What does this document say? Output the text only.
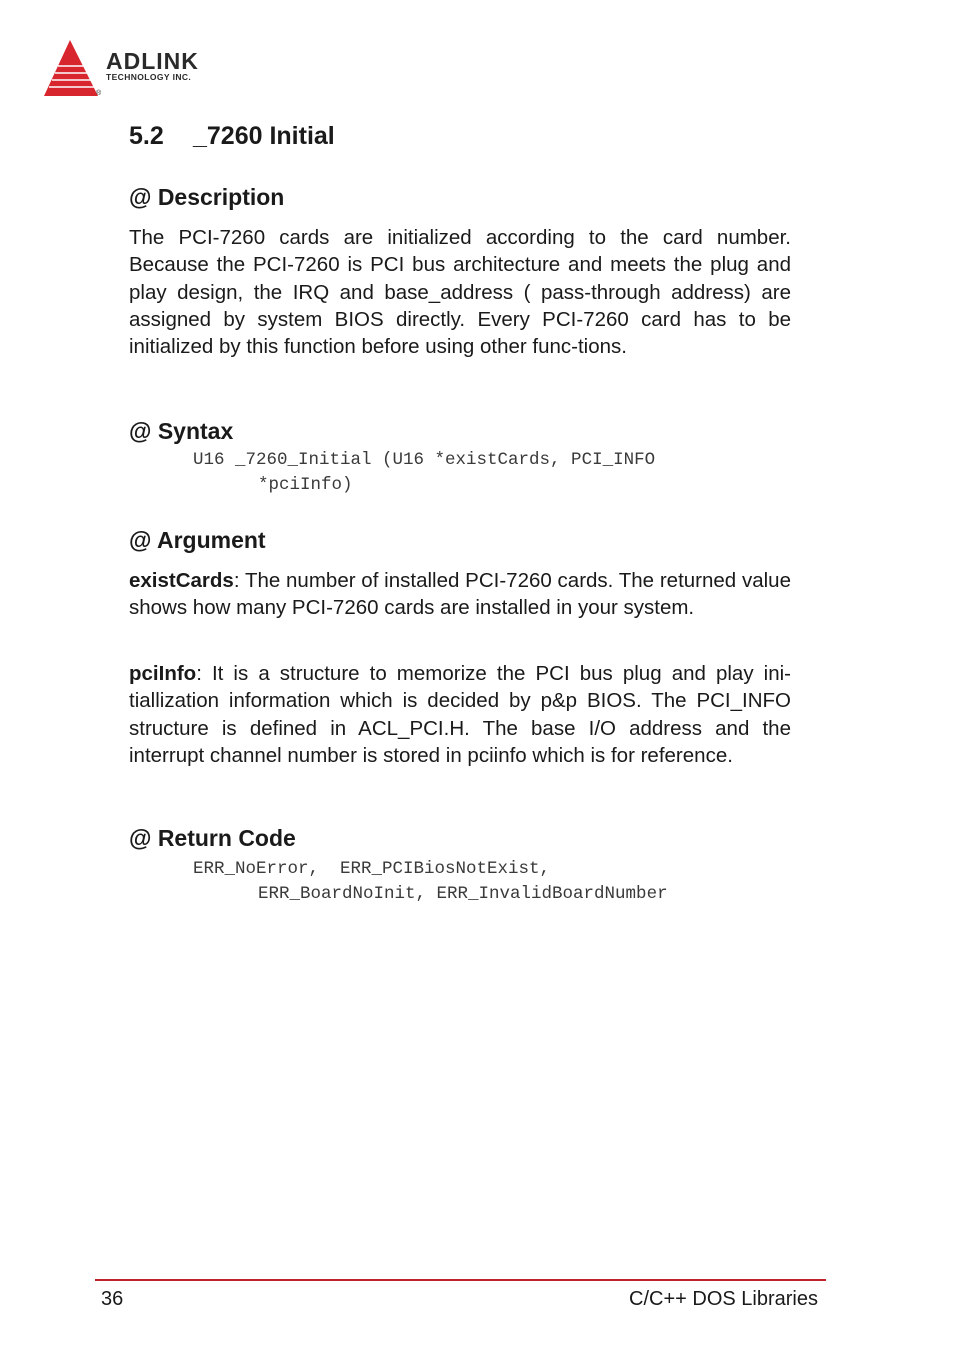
ADLINK
TECHNOLOGY INC.
®
5.2 _7260 Initial
@ Description

The PCI-7260 cards are initialized according to the card number. Because the PCI-7260 is PCI bus architecture and meets the plug and play design, the IRQ and base_address ( pass-through address) are assigned by system BIOS directly. Every PCI-7260 card has to be initialized by this function before using other func-tions.

@ Syntax
U16 _7260_Initial (U16 *existCards, PCI_INFO
*pciInfo)
@ Argument

existCards: The number of installed PCI-7260 cards. The returned value shows how many PCI-7260 cards are installed in your system.

pciInfo: It is a structure to memorize the PCI bus plug and play ini-tiallization information which is decided by p&p BIOS. The PCI_INFO structure is defined in ACL_PCI.H. The base I/O address and the interrupt channel number is stored in pciinfo which is for reference.

@ Return Code
ERR_NoError,  ERR_PCIBiosNotExist,
ERR_BoardNoInit, ERR_InvalidBoardNumber
36	C/C++ DOS Libraries
